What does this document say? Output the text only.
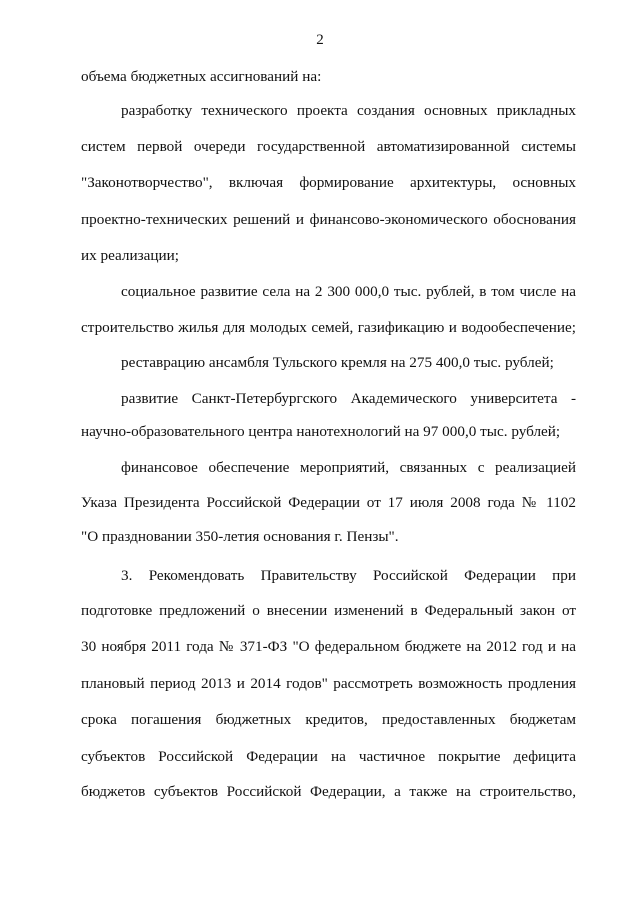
2
объема бюджетных ассигнований на:
разработку технического проекта создания основных прикладных
систем первой очереди государственной автоматизированной системы
"Законотворчество", включая формирование архитектуры, основных
проектно-технических решений и финансово-экономического обоснования
их реализации;
социальное развитие села на 2 300 000,0 тыс. рублей, в том числе на
строительство жилья для молодых семей, газификацию и водообеспечение;
реставрацию ансамбля Тульского кремля на 275 400,0 тыс. рублей;
развитие Санкт-Петербургского Академического университета -
научно-образовательного центра нанотехнологий на 97 000,0 тыс. рублей;
финансовое обеспечение мероприятий, связанных с реализацией
Указа Президента Российской Федерации от 17 июля 2008 года № 1102
"О праздновании 350-летия основания г. Пензы".
3. Рекомендовать Правительству Российской Федерации при
подготовке предложений о внесении изменений в Федеральный закон от
30 ноября 2011 года № 371-ФЗ "О федеральном бюджете на 2012 год и на
плановый период 2013 и 2014 годов" рассмотреть возможность продления
срока погашения бюджетных кредитов, предоставленных бюджетам
субъектов Российской Федерации на частичное покрытие дефицита
бюджетов субъектов Российской Федерации, а также на строительство,
